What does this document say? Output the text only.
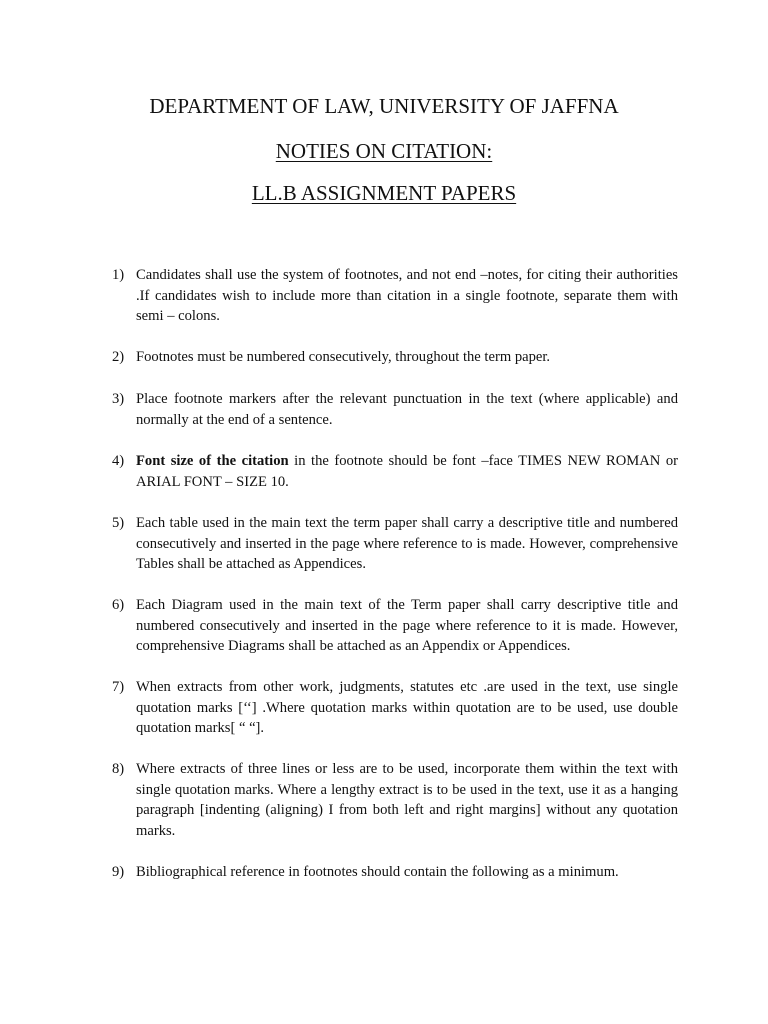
DEPARTMENT OF LAW, UNIVERSITY OF JAFFNA
NOTIES ON CITATION:
LL.B ASSIGNMENT PAPERS
1) Candidates shall use the system of footnotes, and not end –notes, for citing their authorities .If candidates wish to include more than citation in a single footnote, separate them with semi – colons.
2) Footnotes must be numbered consecutively, throughout the term paper.
3) Place footnote markers after the relevant punctuation in the text (where applicable) and normally at the end of a sentence.
4) Font size of the citation in the footnote should be font –face TIMES NEW ROMAN or ARIAL FONT – SIZE 10.
5) Each table used in the main text the term paper shall carry a descriptive title and numbered consecutively and inserted in the page where reference to is made. However, comprehensive Tables shall be attached as Appendices.
6) Each Diagram used in the main text of the Term paper shall carry descriptive title and numbered consecutively and inserted in the page where reference to it is made. However, comprehensive Diagrams shall be attached as an Appendix or Appendices.
7) When extracts from other work, judgments, statutes etc .are used in the text, use single quotation marks [‘‘] .Where quotation marks within quotation are to be used, use double quotation marks[ “ “].
8) Where extracts of three lines or less are to be used, incorporate them within the text with single quotation marks. Where a lengthy extract is to be used in the text, use it as a hanging paragraph [indenting (aligning) I from both left and right margins] without any quotation marks.
9) Bibliographical reference in footnotes should contain the following as a minimum.
